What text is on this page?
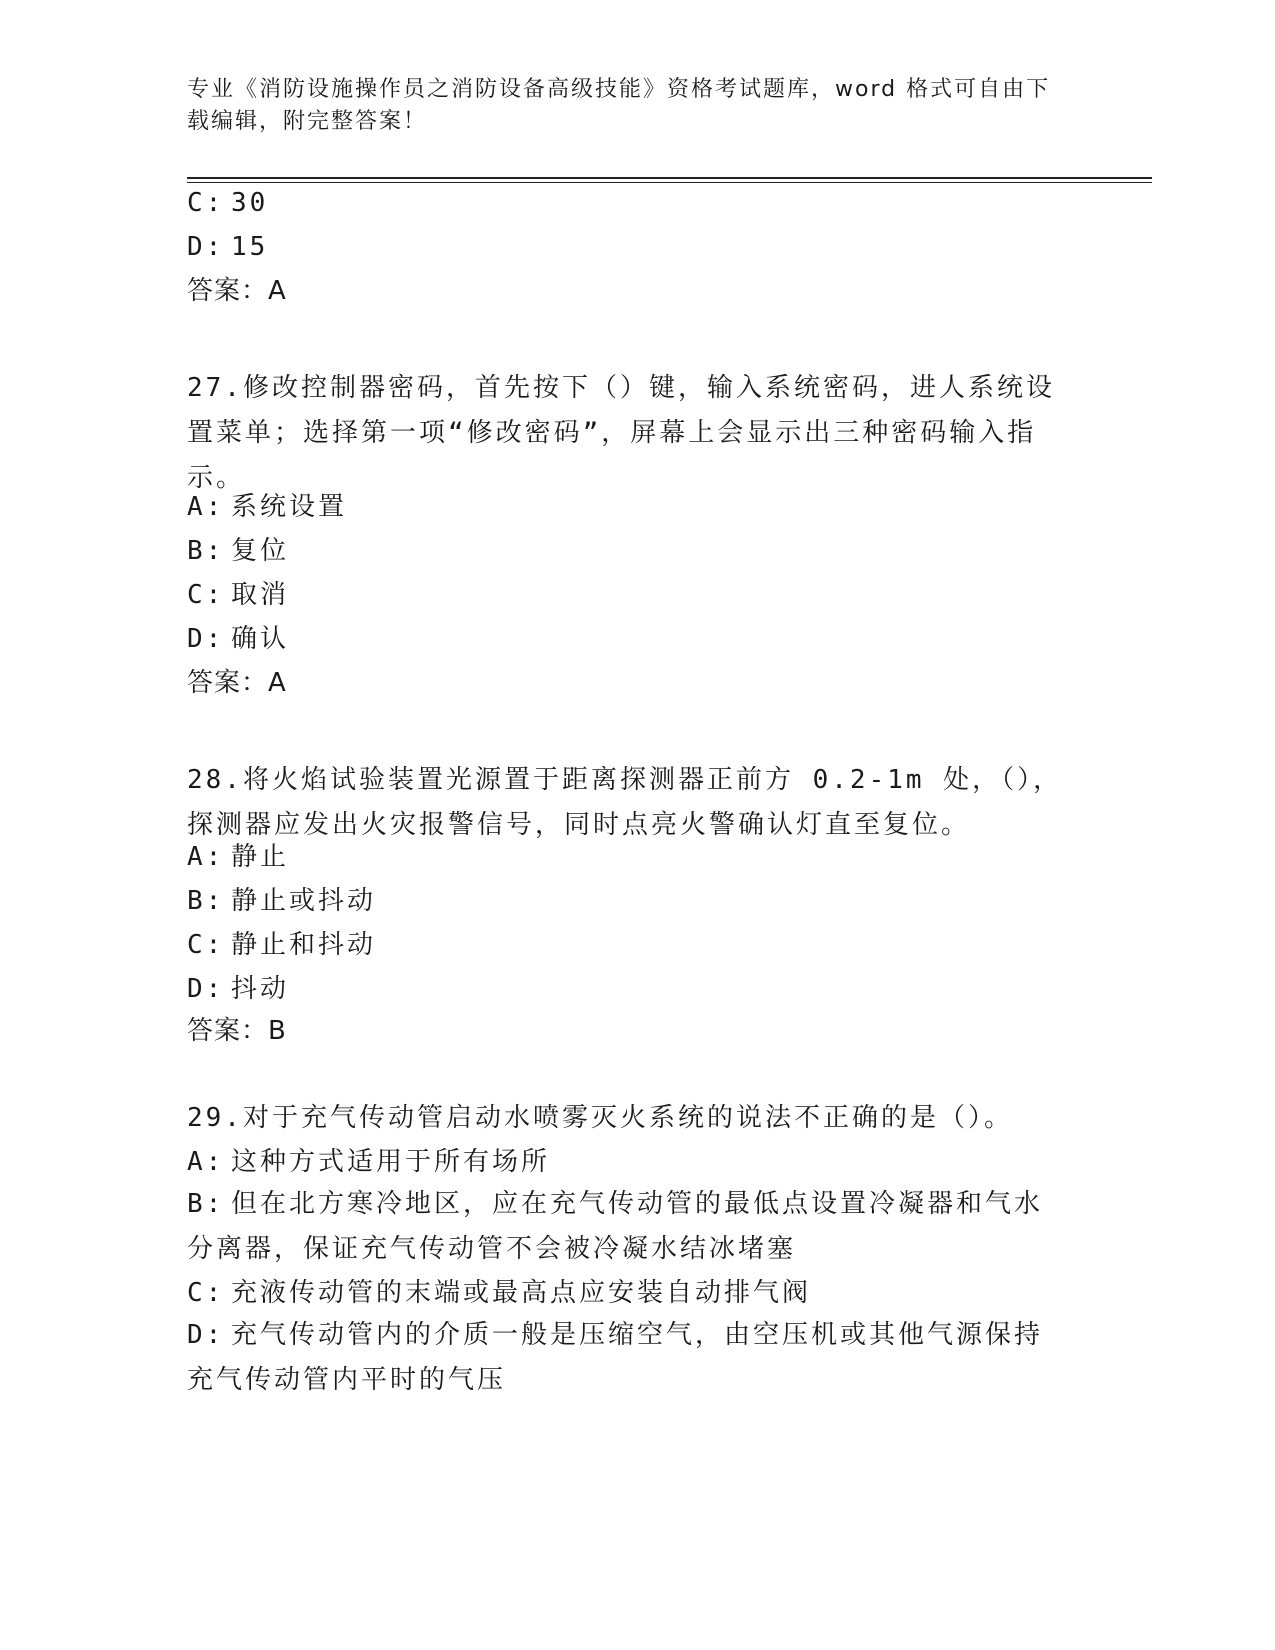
专业《消防设施操作员之消防设备高级技能》资格考试题库，word 格式可自由下
载编辑，附完整答案！
C: 30
D: 15
答案：A
27.修改控制器密码，首先按下（）键，输入系统密码，进人系统设置菜单；选择第一项“修改密码”，屏幕上会显示出三种密码输入指示。
A: 系统设置
B: 复位
C: 取消
D: 确认
答案：A
28.将火焰试验装置光源置于距离探测器正前方 0.2-1m 处，（），探测器应发出火灾报警信号，同时点亮火警确认灯直至复位。
A: 静止
B: 静止或抖动
C: 静止和抖动
D: 抖动
答案：B
29.对于充气传动管启动水喷雾灭火系统的说法不正确的是（）。
A: 这种方式适用于所有场所
B: 但在北方寒冷地区，应在充气传动管的最低点设置冷凝器和气水分离器，保证充气传动管不会被冷凝水结冰堵塞
C: 充液传动管的末端或最高点应安装自动排气阀
D: 充气传动管内的介质一般是压缩空气，由空压机或其他气源保持充气传动管内平时的气压
